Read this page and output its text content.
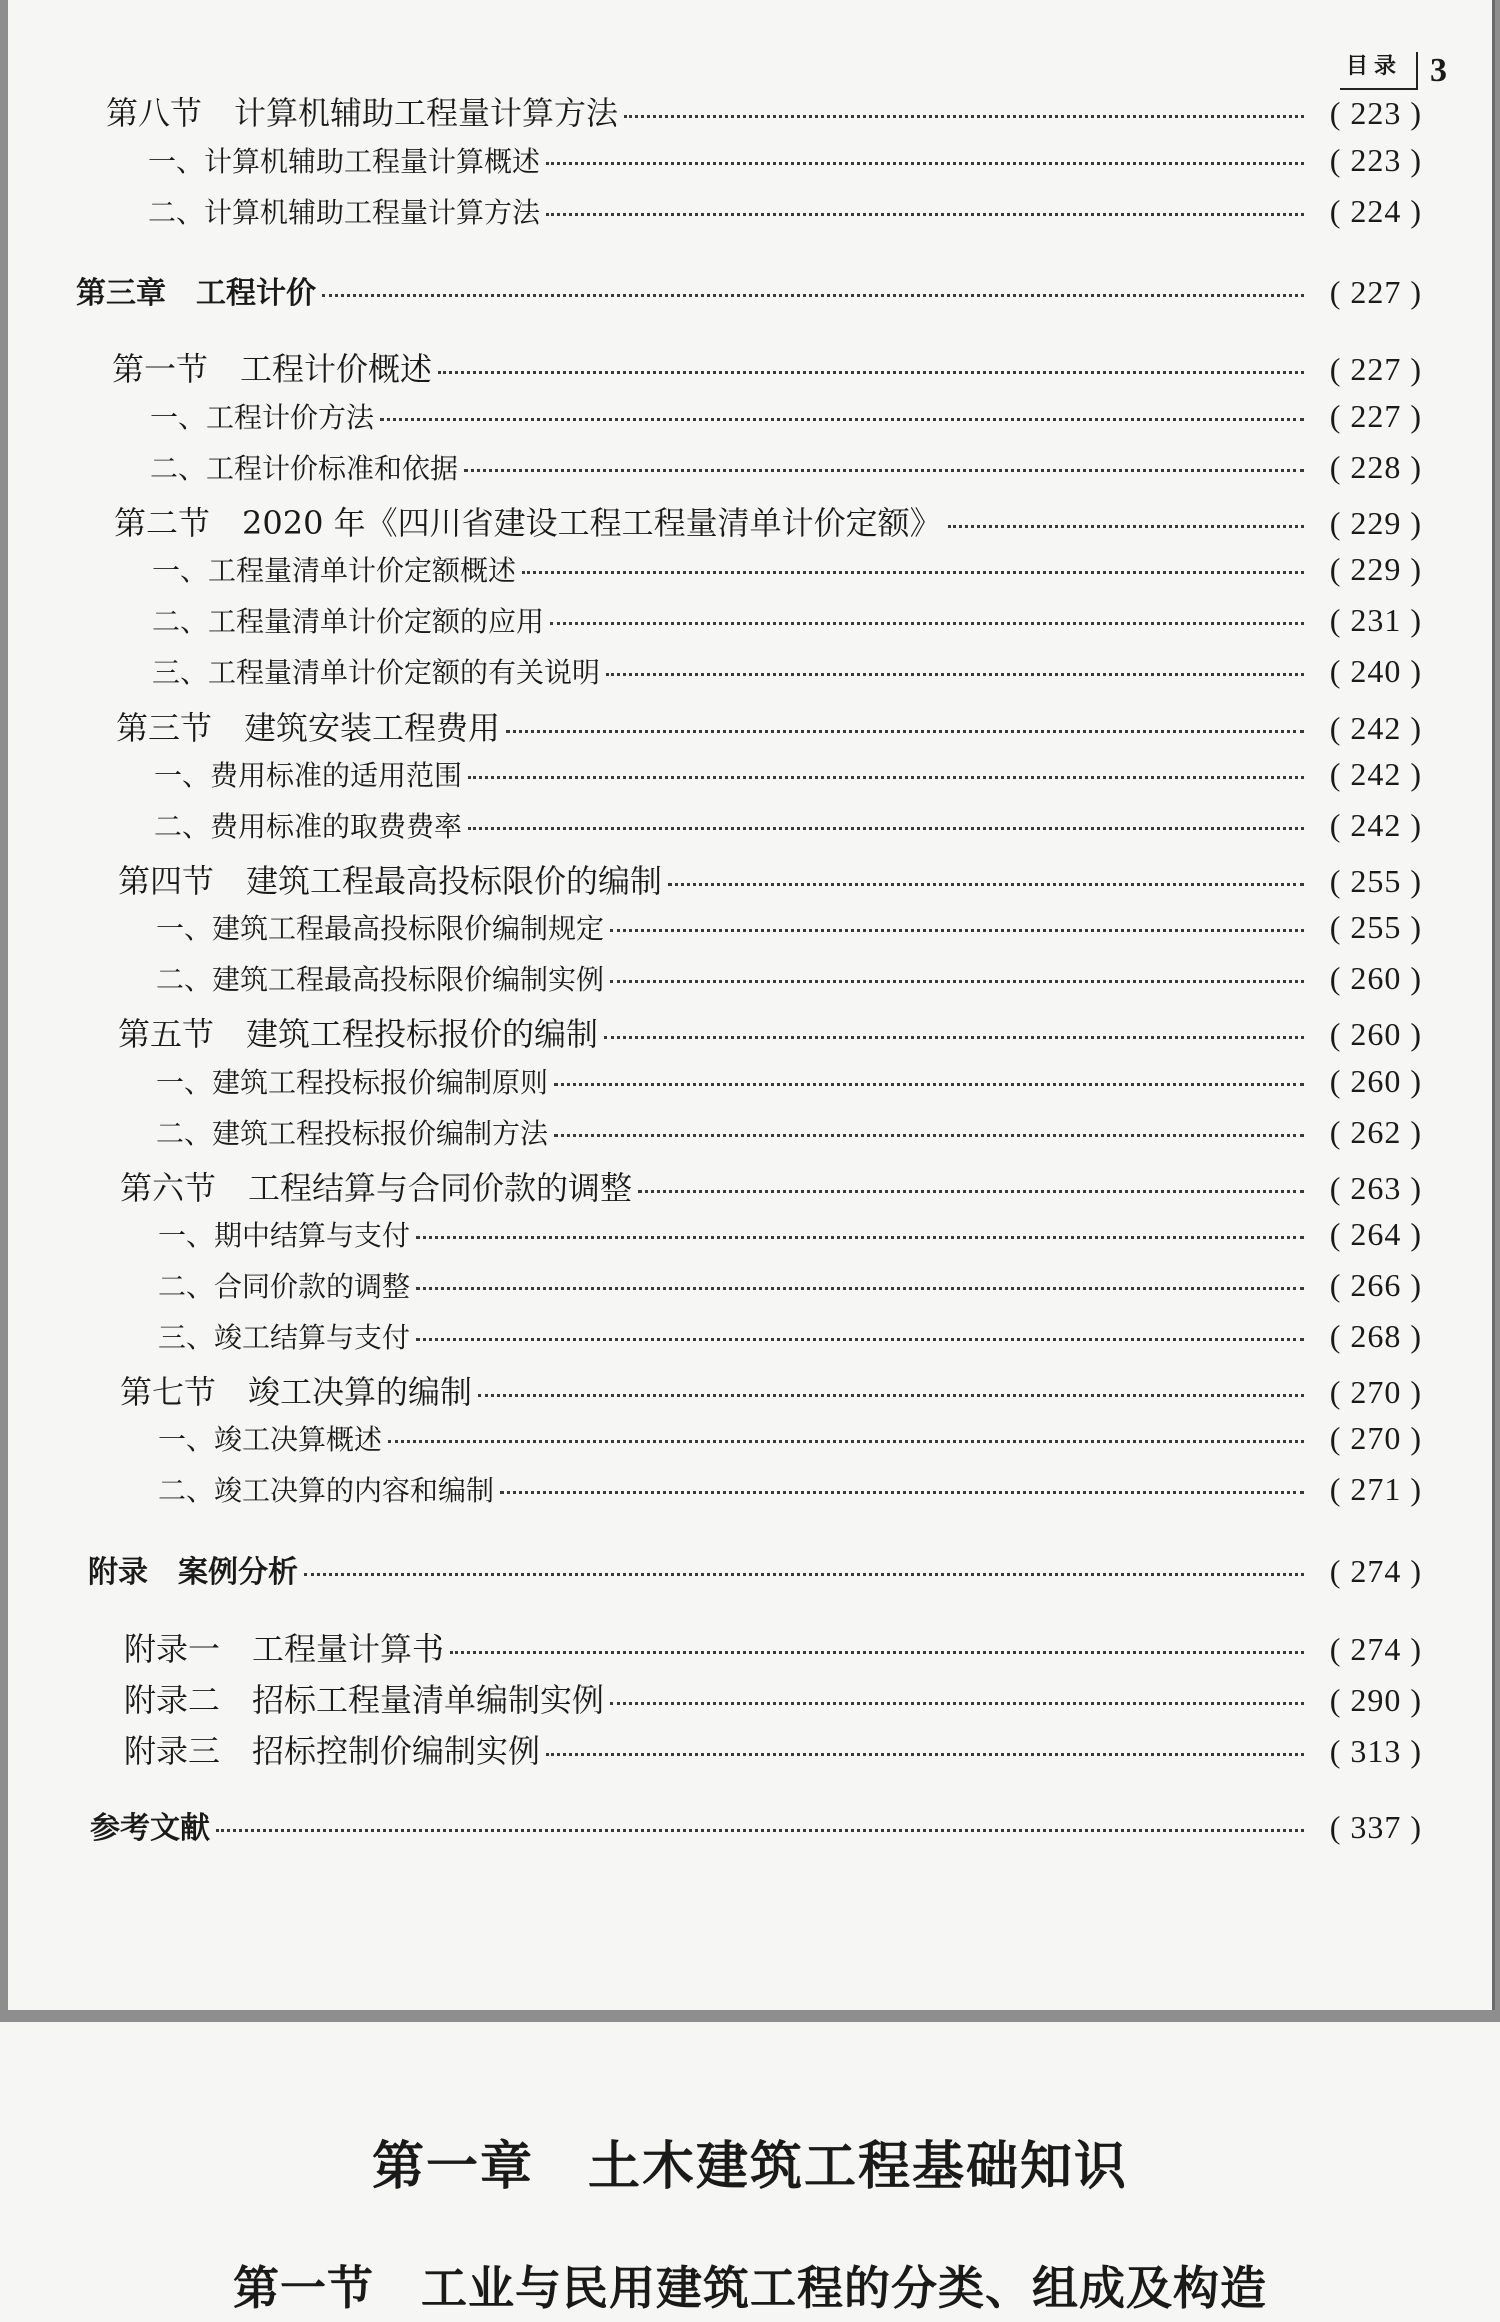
目录 3
第八节　计算机辅助工程量计算方法	( 223 )
一、计算机辅助工程量计算概述	( 223 )
二、计算机辅助工程量计算方法	( 224 )
第三章　工程计价	( 227 )
第一节　工程计价概述	( 227 )
一、工程计价方法	( 227 )
二、工程计价标准和依据	( 228 )
第二节　2020 年《四川省建设工程工程量清单计价定额》	( 229 )
一、工程量清单计价定额概述	( 229 )
二、工程量清单计价定额的应用	( 231 )
三、工程量清单计价定额的有关说明	( 240 )
第三节　建筑安装工程费用	( 242 )
一、费用标准的适用范围	( 242 )
二、费用标准的取费费率	( 242 )
第四节　建筑工程最高投标限价的编制	( 255 )
一、建筑工程最高投标限价编制规定	( 255 )
二、建筑工程最高投标限价编制实例	( 260 )
第五节　建筑工程投标报价的编制	( 260 )
一、建筑工程投标报价编制原则	( 260 )
二、建筑工程投标报价编制方法	( 262 )
第六节　工程结算与合同价款的调整	( 263 )
一、期中结算与支付	( 264 )
二、合同价款的调整	( 266 )
三、竣工结算与支付	( 268 )
第七节　竣工决算的编制	( 270 )
一、竣工决算概述	( 270 )
二、竣工决算的内容和编制	( 271 )
附录　案例分析	( 274 )
附录一　工程量计算书	( 274 )
附录二　招标工程量清单编制实例	( 290 )
附录三　招标控制价编制实例	( 313 )
参考文献	( 337 )
第一章　土木建筑工程基础知识
第一节　工业与民用建筑工程的分类、组成及构造
